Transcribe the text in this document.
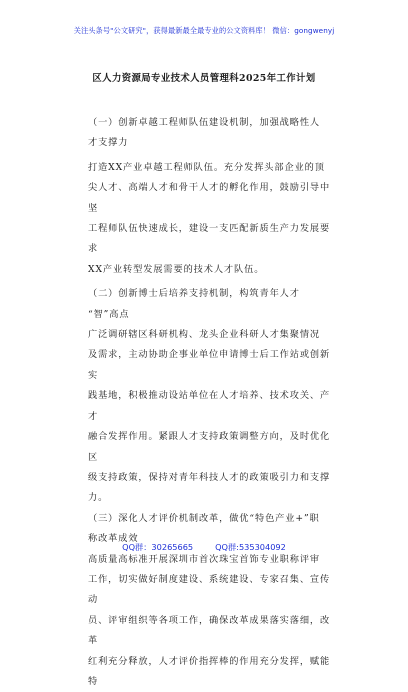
关注头条号"公文研究"，获得最新最全最专业的公文资料库！ 微信：gongwenyj
区人力资源局专业技术人员管理科2025年工作计划

（一）创新卓越工程师队伍建设机制，加强战略性人
才支撑力

打造XX产业卓越工程师队伍。充分发挥头部企业的顶
尖人才、高端人才和骨干人才的孵化作用，鼓励引导中坚
工程师队伍快速成长，建设一支匹配新质生产力发展要求
XX产业转型发展需要的技术人才队伍。

（二）创新博士后培养支持机制，构筑青年人才
“智”高点

广泛调研辖区科研机构、龙头企业科研人才集聚情况
及需求，主动协助企事业单位申请博士后工作站或创新实
践基地，积极推动设站单位在人才培养、技术攻关、产才
融合发挥作用。紧跟人才支持政策调整方向，及时优化区
级支持政策，保持对青年科技人才的政策吸引力和支撑力。

（三）深化人才评价机制改革，做优“特色产业+”职
称改革成效

高质量高标准开展深圳市首次珠宝首饰专业职称评审
工作，切实做好制度建设、系统建设、专家召集、宣传动
员、评审组织等各项工作，确保改革成果落实落细，改革
红利充分释放，人才评价指挥棒的作用充分发挥，赋能特

QQ群：30265665	QQ群:535304092
